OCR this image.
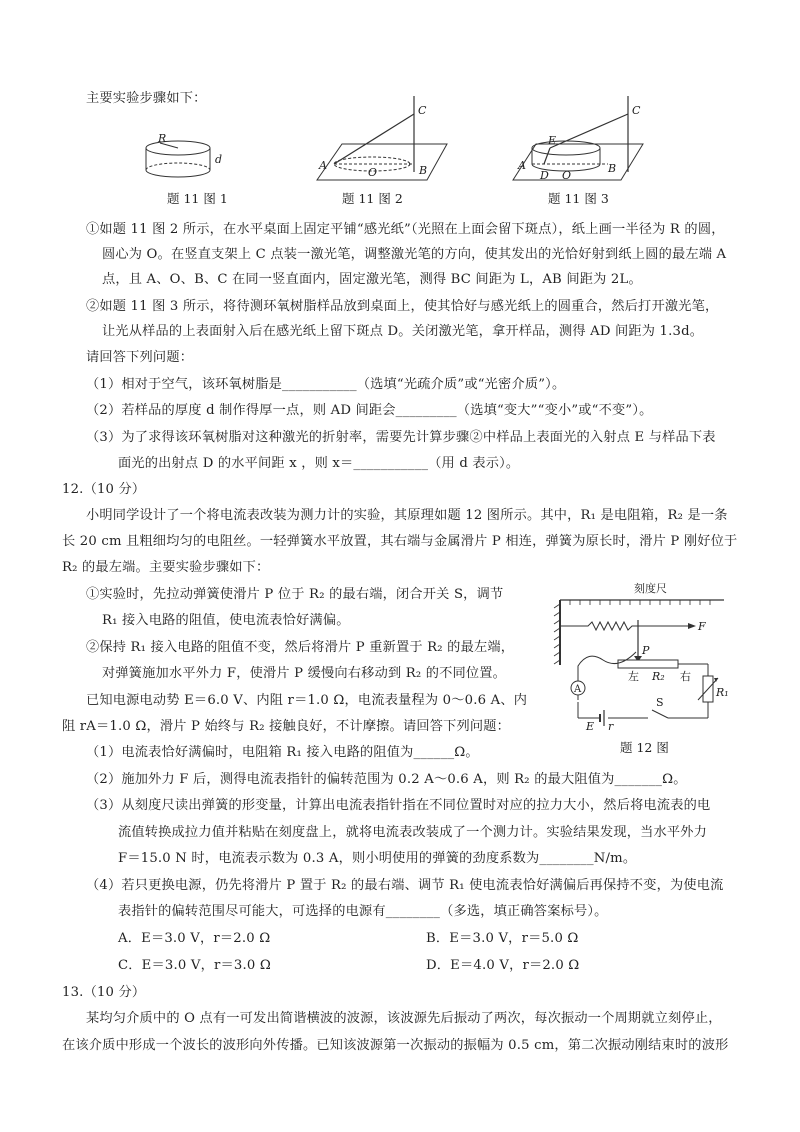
主要实验步骤如下：
R
d
题 11 图 1
C
A
O	B
题 11 图 2
C
E
A
D O
B
题 11 图 3
①如题 11 图 2 所示，在水平桌面上固定平铺“感光纸”（光照在上面会留下斑点），纸上画一半径为 R 的圆，
圆心为 O。在竖直支架上 C 点装一激光笔，调整激光笔的方向，使其发出的光恰好射到纸上圆的最左端 A
点，且 A、O、B、C 在同一竖直面内，固定激光笔，测得 BC 间距为 L，AB 间距为 2L。
②如题 11 图 3 所示，将待测环氧树脂样品放到桌面上，使其恰好与感光纸上的圆重合，然后打开激光笔，
让光从样品的上表面射入后在感光纸上留下斑点 D。关闭激光笔，拿开样品，测得 AD 间距为 1.3d。
请回答下列问题：
（1）相对于空气，该环氧树脂是___________（选填“光疏介质”或“光密介质”）。
（2）若样品的厚度 d 制作得厚一点，则 AD 间距会_________（选填“变大”“变小”或“不变”）。
（3）为了求得该环氧树脂对这种激光的折射率，需要先计算步骤②中样品上表面光的入射点 E 与样品下表
面光的出射点 D 的水平间距 x ，则 x＝___________（用 d 表示）。
12.（10 分）
小明同学设计了一个将电流表改装为测力计的实验，其原理如题 12 图所示。其中，R₁ 是电阻箱，R₂ 是一条
长 20 cm 且粗细均匀的电阻丝。一轻弹簧水平放置，其右端与金属滑片 P 相连，弹簧为原长时，滑片 P 刚好位于
R₂ 的最左端。主要实验步骤如下：
①实验时，先拉动弹簧使滑片 P 位于 R₂ 的最右端，闭合开关 S，调节
R₁ 接入电路的阻值，使电流表恰好满偏。
②保持 R₁ 接入电路的阻值不变，然后将滑片 P 重新置于 R₂ 的最左端，
对弹簧施加水平外力 F，使滑片 P 缓慢向右移动到 R₂ 的不同位置。
已知电源电动势 E＝6.0 V、内阻 r＝1.0 Ω，电流表量程为 0～0.6 A、内
阻 rA＝1.0 Ω，滑片 P 始终与 R₂ 接触良好，不计摩擦。请回答下列问题：
刻度尺
F
P
A
左 R₂ 右
R₁
E r
S
题 12 图
（1）电流表恰好满偏时，电阻箱 R₁ 接入电路的阻值为______Ω。
（2）施加外力 F 后，测得电流表指针的偏转范围为 0.2 A～0.6 A，则 R₂ 的最大阻值为_______Ω。
（3）从刻度尺读出弹簧的形变量，计算出电流表指针指在不同位置时对应的拉力大小，然后将电流表的电
流值转换成拉力值并粘贴在刻度盘上，就将电流表改装成了一个测力计。实验结果发现，当水平外力
F＝15.0 N 时，电流表示数为 0.3 A，则小明使用的弹簧的劲度系数为________N/m。
（4）若只更换电源，仍先将滑片 P 置于 R₂ 的最右端、调节 R₁ 使电流表恰好满偏后再保持不变，为使电流
表指针的偏转范围尽可能大，可选择的电源有________（多选，填正确答案标号）。
A．E＝3.0 V，r＝2.0 Ω	B．E＝3.0 V，r＝5.0 Ω
C．E＝3.0 V，r＝3.0 Ω	D．E＝4.0 V，r＝2.0 Ω
13.（10 分）
某均匀介质中的 O 点有一可发出简谐横波的波源，该波源先后振动了两次，每次振动一个周期就立刻停止，
在该介质中形成一个波长的波形向外传播。已知该波源第一次振动的振幅为 0.5 cm，第二次振动刚结束时的波形
